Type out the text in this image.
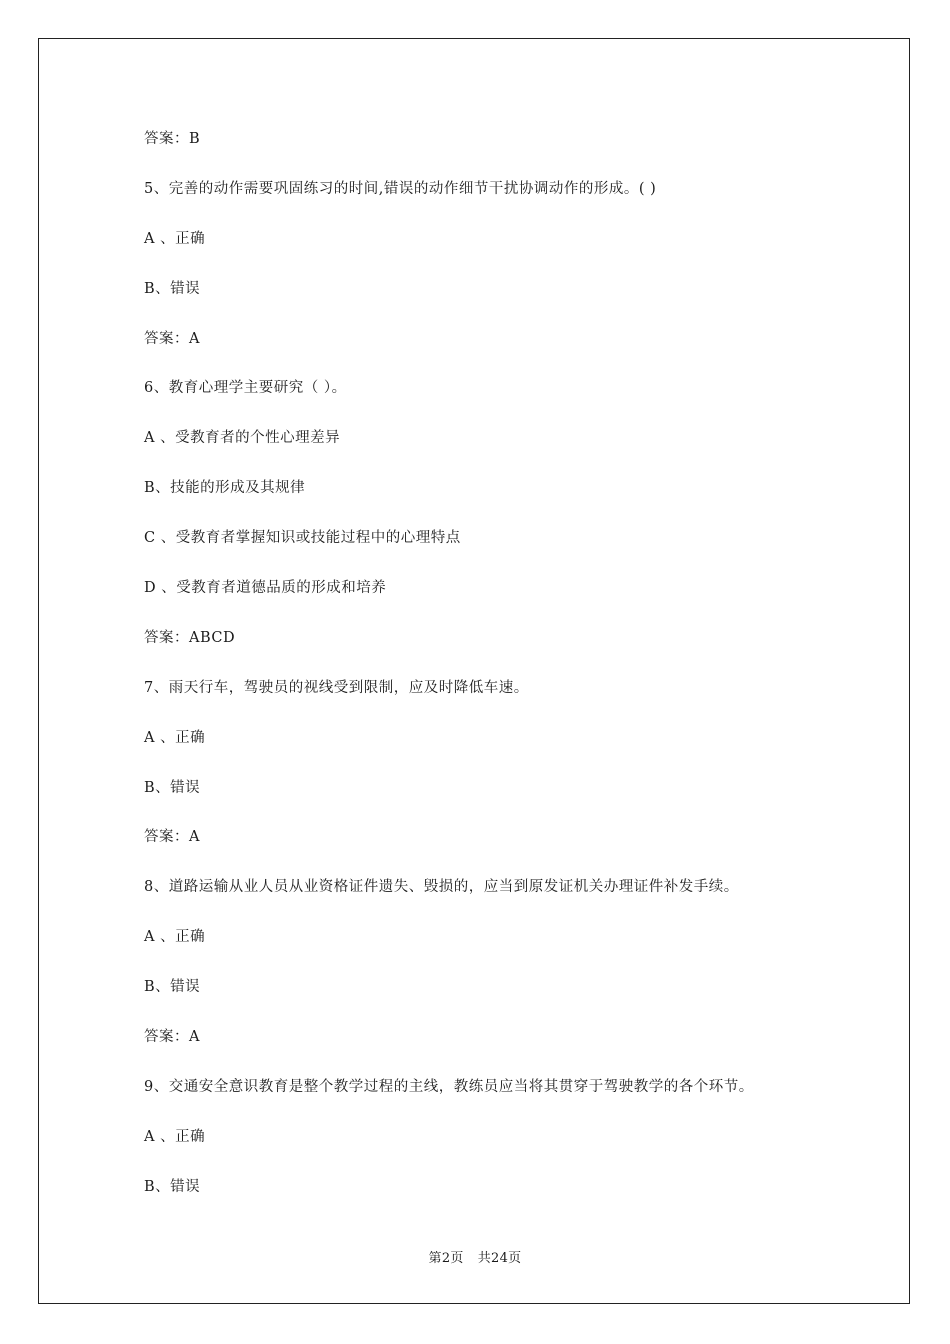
答案：B
5、完善的动作需要巩固练习的时间,错误的动作细节干扰协调动作的形成。( )
A 、正确
B、错误
答案：A
6、教育心理学主要研究（ ）。
A 、受教育者的个性心理差异
B、技能的形成及其规律
C 、受教育者掌握知识或技能过程中的心理特点
D 、受教育者道德品质的形成和培养
答案：ABCD
7、雨天行车，驾驶员的视线受到限制，应及时降低车速。
A 、正确
B、错误
答案：A
8、道路运输从业人员从业资格证件遗失、毁损的，应当到原发证机关办理证件补发手续。
A 、正确
B、错误
答案：A
9、交通安全意识教育是整个教学过程的主线，教练员应当将其贯穿于驾驶教学的各个环节。
A 、正确
B、错误
第2页 共24页
